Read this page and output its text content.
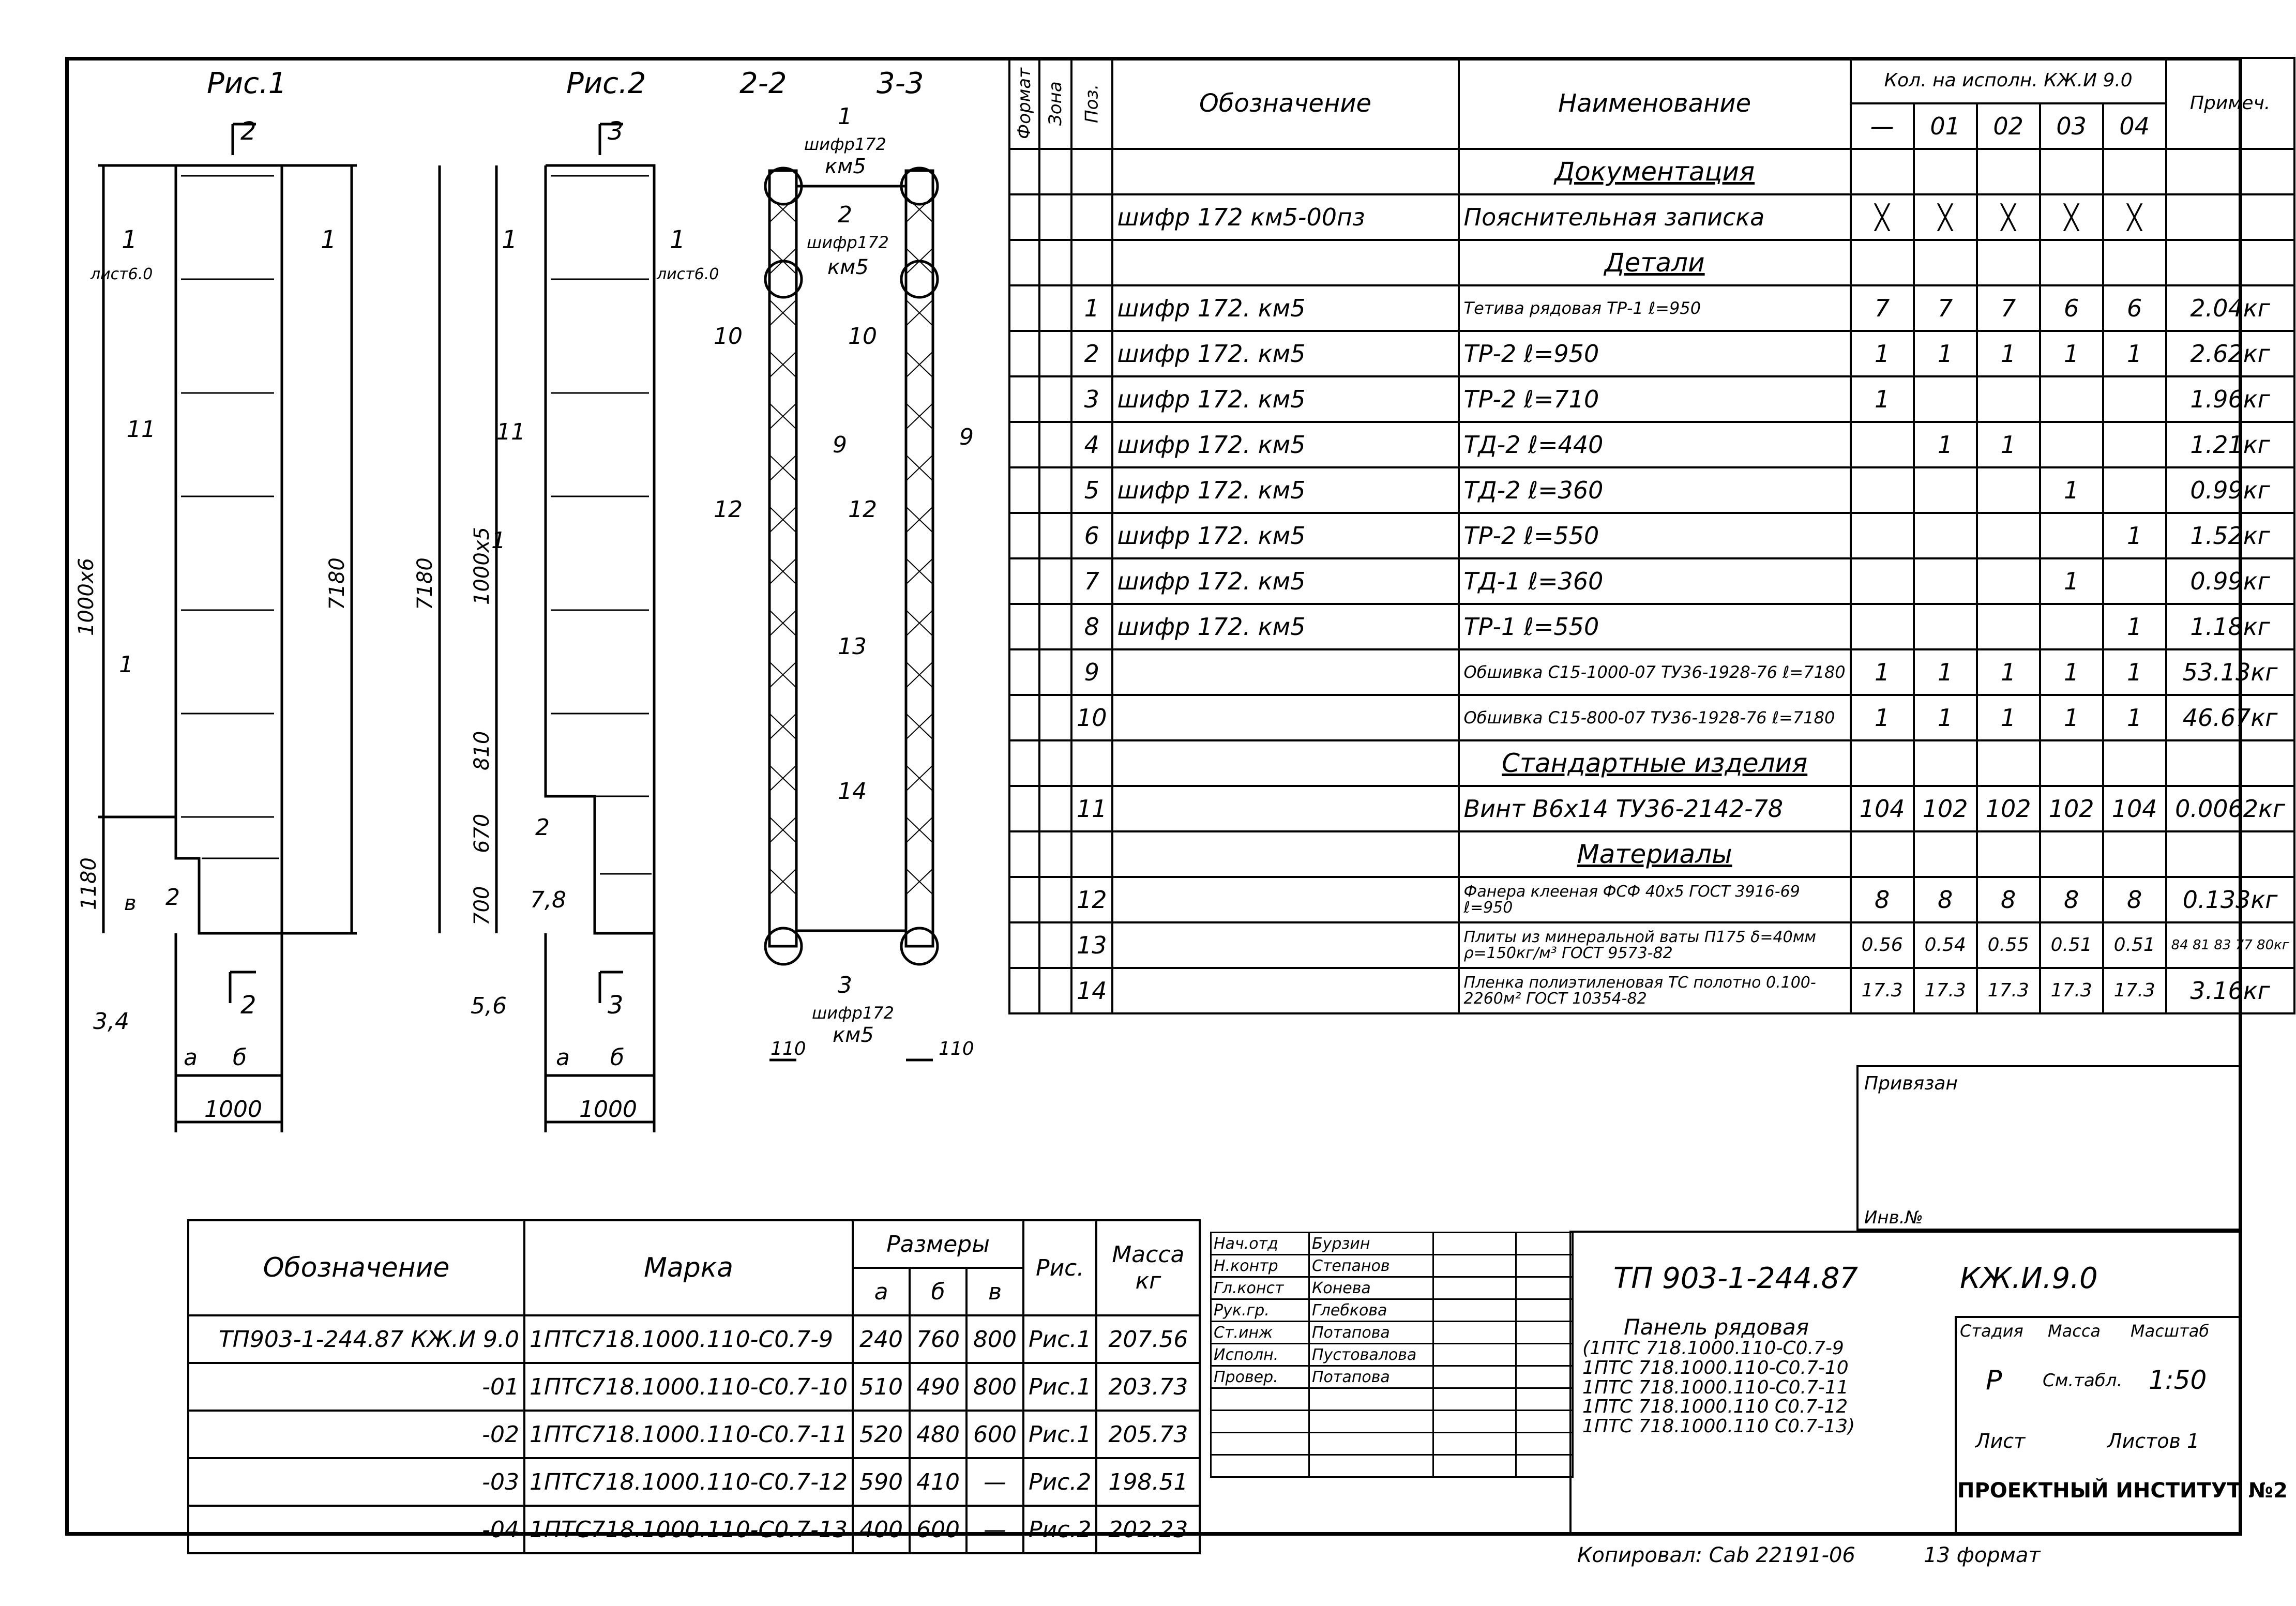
Рис.1	Рис.2	2-2	3-3
2
2
3
3
1	1	1	1
лист6.0	лист6.0
1000x6	7180
1180 в
а б
1000
7180 1000x5
810
670
700
а б
1000
110	110
1
1
1
2
2
2
3
9	9
10	10
11	11
12	12
13
14
3,4
5,6
7,8
шифр172
км5
шифр172
км5
шифр172
км5
Формат	Зона	Поз.	Обозначение	Наименование	Кол. на исполн. КЖ.И 9.0					Примеч.
					—	01	02	03	04	
				Документация						
			шифр 172 км5-00пз	Пояснительная записка	╳	╳	╳	╳	╳	
				Детали						
		1	шифр 172. км5	Тетива рядовая ТР-1 ℓ=950	7	7	7	6	6	2.04кг
		2	шифр 172. км5	ТР-2 ℓ=950	1	1	1	1	1	2.62кг
		3	шифр 172. км5	ТР-2 ℓ=710	1					1.96кг
		4	шифр 172. км5	ТД-2 ℓ=440		1	1			1.21кг
		5	шифр 172. км5	ТД-2 ℓ=360				1		0.99кг
		6	шифр 172. км5	ТР-2 ℓ=550					1	1.52кг
		7	шифр 172. км5	ТД-1 ℓ=360				1		0.99кг
		8	шифр 172. км5	ТР-1 ℓ=550					1	1.18кг
		9		Обшивка С15-1000-07 ТУ36-1928-76 ℓ=7180	1	1	1	1	1	53.13кг
		10		Обшивка С15-800-07 ТУ36-1928-76 ℓ=7180	1	1	1	1	1	46.67кг
				Стандартные изделия						
		11		Винт В6х14 ТУ36-2142-78	104	102	102	102	104	0.0062кг
				Материалы						
		12		Фанера клееная ФСФ 40х5 ГОСТ 3916-69 ℓ=950	8	8	8	8	8	0.133кг
		13		Плиты из минеральной ваты П175 δ=40мм ρ=150кг/м³ ГОСТ 9573-82	0.56	0.54	0.55	0.51	0.51	84 81 83 77 80кг
		14		Пленка полиэтиленовая ТС полотно 0.100-2260м² ГОСТ 10354-82	17.3	17.3	17.3	17.3	17.3	3.16кг
Обозначение	Марка	Размеры			Рис.	Масса кг
		а	б	в		
ТП903-1-244.87 КЖ.И 9.0	1ПТС718.1000.110-С0.7-9	240	760	800	Рис.1	207.56
-01	1ПТС718.1000.110-С0.7-10	510	490	800	Рис.1	203.73
-02	1ПТС718.1000.110-С0.7-11	520	480	600	Рис.1	205.73
-03	1ПТС718.1000.110-С0.7-12	590	410	—	Рис.2	198.51
-04	1ПТС718.1000.110-С0.7-13	400	600	—	Рис.2	202.23
Нач.отд	Бурзин		
Н.контр	Степанов		
Гл.конст	Конева		
Рук.гр.	Глебкова		
Ст.инж	Потапова		
Исполн.	Пустовалова		
Провер.	Потапова		

Привязан
Инв.№
ТП 903-1-244.87	КЖ.И.9.0
Панель рядовая
(1ПТС 718.1000.110-С0.7-9
1ПТС 718.1000.110-С0.7-10
1ПТС 718.1000.110-С0.7-11
1ПТС 718.1000.110 С0.7-12
1ПТС 718.1000.110 С0.7-13)
Стадия Масса Масштаб
Р См.табл. 1:50
Лист	Листов 1
ПРОЕКТНЫЙ ИНСТИТУТ №2
Копировал: Cab 22191-06	13 формат
